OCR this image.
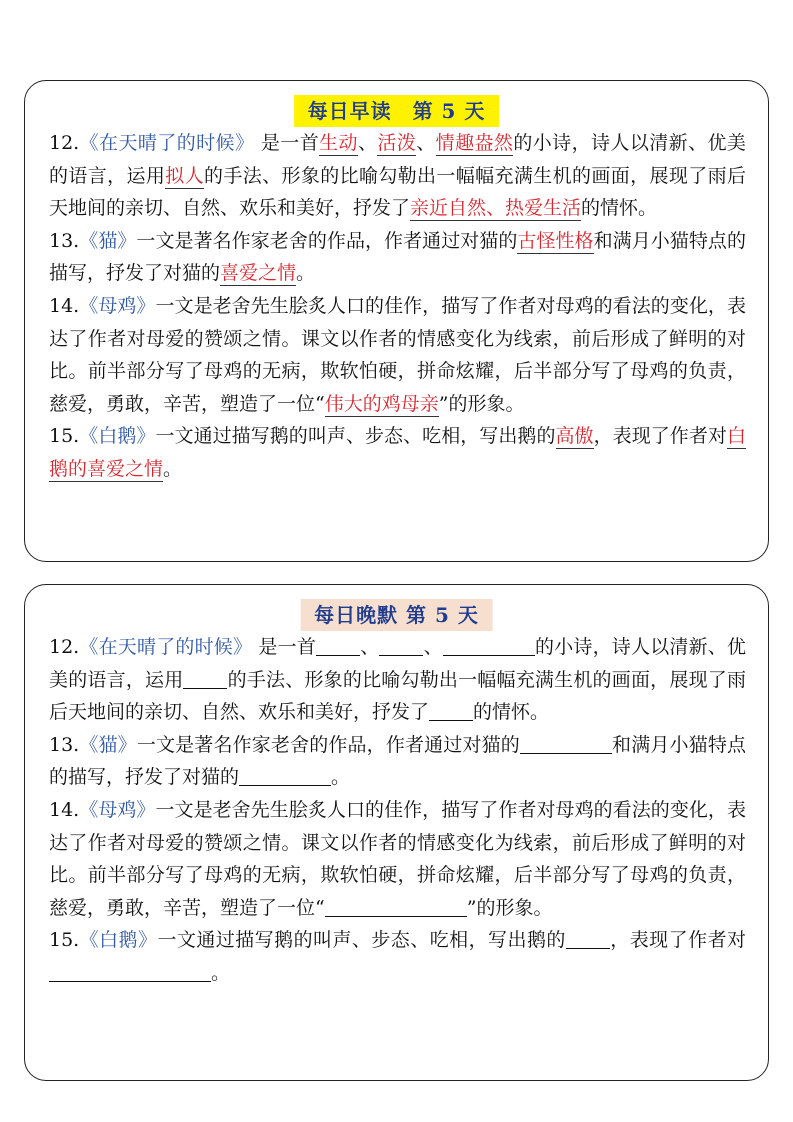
每日早读　第 5 天

12.《在天晴了的时候》 是一首生动、活泼、情趣盎然的小诗，诗人以清新、优美的语言，运用拟人的手法、形象的比喻勾勒出一幅幅充满生机的画面，展现了雨后天地间的亲切、自然、欢乐和美好，抒发了亲近自然、热爱生活的情怀。

13.《猫》一文是著名作家老舍的作品，作者通过对猫的古怪性格和满月小猫特点的描写，抒发了对猫的喜爱之情。

14.《母鸡》一文是老舍先生脍炙人口的佳作，描写了作者对母鸡的看法的变化，表达了作者对母爱的赞颂之情。课文以作者的情感变化为线索，前后形成了鲜明的对比。前半部分写了母鸡的无病，欺软怕硬，拼命炫耀，后半部分写了母鸡的负责，慈爱，勇敢，辛苦，塑造了一位“伟大的鸡母亲”的形象。

15.《白鹅》一文通过描写鹅的叫声、步态、吃相，写出鹅的高傲，表现了作者对白鹅的喜爱之情。

每日晚默 第 5 天

12.《在天晴了的时候》 是一首 、 、	的小诗，诗人以清新、优美的语言，运用 的手法、形象的比喻勾勒出一幅幅充满生机的画面，展现了雨后天地间的亲切、自然、欢乐和美好，抒发了 的情怀。

13.《猫》一文是著名作家老舍的作品，作者通过对猫的	和满月小猫特点的描写，抒发了对猫的	。

14.《母鸡》一文是老舍先生脍炙人口的佳作，描写了作者对母鸡的看法的变化，表达了作者对母爱的赞颂之情。课文以作者的情感变化为线索，前后形成了鲜明的对比。前半部分写了母鸡的无病，欺软怕硬，拼命炫耀，后半部分写了母鸡的负责，慈爱，勇敢，辛苦，塑造了一位“	”的形象。

15.《白鹅》一文通过描写鹅的叫声、步态、吃相，写出鹅的 ，表现了作者对。
